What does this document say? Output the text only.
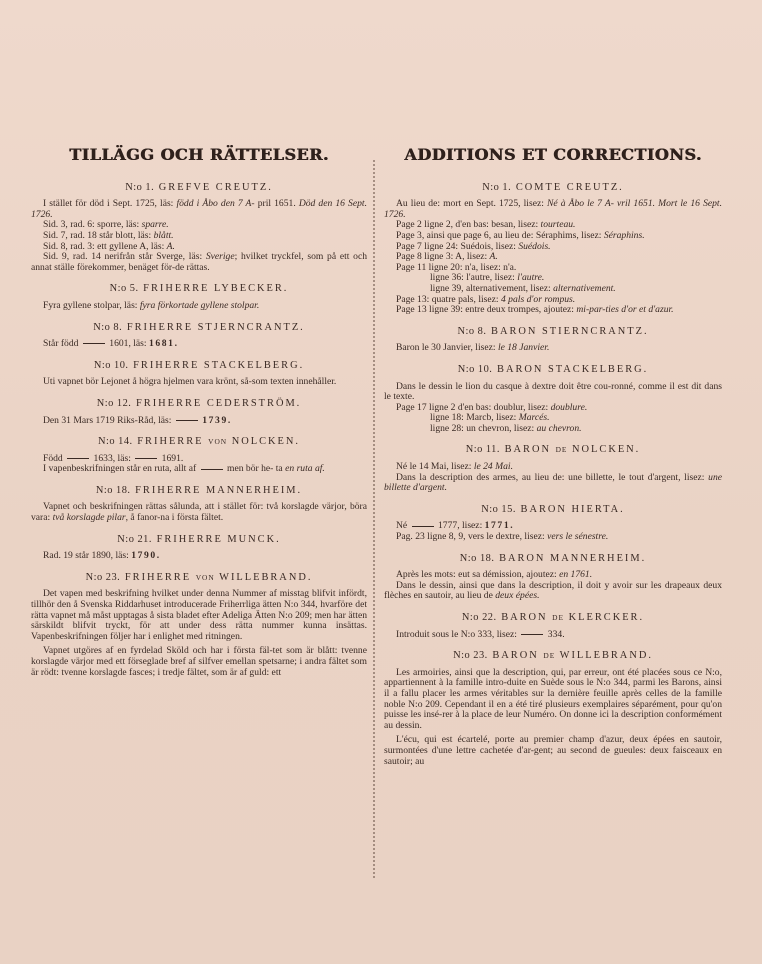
TILLÄGG OCH RÄTTELSER.
N:o 1. GREFVE CREUTZ.

I stället för död i Sept. 1725, läs: född i Åbo den 7 A- pril 1651. Död den 16 Sept. 1726.

Sid. 3, rad. 6: sporre, läs: sparre.

Sid. 7, rad. 18 står blott, läs: blått.

Sid. 8, rad. 3: ett gyllene A, läs: A.

Sid. 9, rad. 14 nerifrån står Sverge, läs: Sverige; hvilket tryckfel, som på ett och annat ställe förekommer, benäget för-de rättas.

N:o 5. FRIHERRE LYBECKER.

Fyra gyllene stolpar, läs: fyra förkortade gyllene stolpar.

N:o 8. FRIHERRE STJERNCRANTZ.

Står född	1601, läs: 1681.

N:o 10. FRIHERRE STACKELBERG.

Uti vapnet bör Lejonet å högra hjelmen vara krönt, så-som texten innehåller.

N:o 12. FRIHERRE CEDERSTRÖM.

Den 31 Mars 1719 Riks-Råd, läs:	1739.

N:o 14. FRIHERRE VON NOLCKEN.

Född	1633, läs:	1691.

I vapenbeskrifningen står en ruta, allt af	men bör he- ta en ruta af.

N:o 18. FRIHERRE MANNERHEIM.

Vapnet och beskrifningen rättas sålunda, att i stället för: två korslagde värjor, böra vara: två korslagde pilar, å fanor-na i första fältet.

N:o 21. FRIHERRE MUNCK.

Rad. 19 står 1890, läs: 1790.

N:o 23. FRIHERRE VON WILLEBRAND.

Det vapen med beskrifning hvilket under denna Nummer af misstag blifvit infördt, tillhör den å Svenska Riddarhuset introducerade Friherrliga ätten N:o 344, hvarföre det rätta vapnet må måst upptagas å sista bladet efter Adeliga Ätten N:o 209; men har ätten särskildt blifvit tryckt, för att under dess rätta nummer kunna insättas. Vapenbeskrifningen följer har i enlighet med ritningen.

Vapnet utgöres af en fyrdelad Sköld och har i första fäl-tet som är blått: tvenne korslagde värjor med ett förseglade bref af silfver emellan spetsarne; i andra fältet som är rödt: tvenne korslagde fasces; i tredje fältet, som är af guld: ett

ADDITIONS ET CORRECTIONS.
N:o 1. COMTE CREUTZ.

Au lieu de: mort en Sept. 1725, lisez: Né à Åbo le 7 A- vril 1651. Mort le 16 Sept. 1726.

Page 2 ligne 2, d'en bas: besan, lisez: tourteau.

Page 3, ainsi que page 6, au lieu de: Séraphims, lisez: Séraphins.

Page 7 ligne 24: Suédois, lisez: Suédois.

Page 8 ligne 3: A, lisez: A.

Page 11 ligne 20: n'a, lisez: n'a.

ligne 36: l'autre, lisez: l'autre.

ligne 39, alternativement, lisez: alternativement.

Page 13: quatre pals, lisez: 4 pals d'or rompus.

Page 13 ligne 39: entre deux trompes, ajoutez: mi-par-ties d'or et d'azur.

N:o 8. BARON STIERNCRANTZ.

Baron le 30 Janvier, lisez: le 18 Janvier.

N:o 10. BARON STACKELBERG.

Dans le dessin le lion du casque à dextre doit être cou-ronné, comme il est dit dans le texte.

Page 17 ligne 2 d'en bas: doublur, lisez: doublure.

ligne 18: Marcb, lisez: Marcés.

ligne 28: un chevron, lisez: au chevron.

N:o 11. BARON DE NOLCKEN.

Né le 14 Mai, lisez: le 24 Mai.

Dans la description des armes, au lieu de: une billette, le tout d'argent, lisez: une billette d'argent.

N:o 15. BARON HIERTA.

Né	1777, lisez: 1771.

Pag. 23 ligne 8, 9, vers le dextre, lisez: vers le sénestre.

N:o 18. BARON MANNERHEIM.

Après les mots: eut sa démission, ajoutez: en 1761.

Dans le dessin, ainsi que dans la description, il doit y avoir sur les drapeaux deux flèches en sautoir, au lieu de deux épées.

N:o 22. BARON DE KLERCKER.

Introduit sous le N:o 333, lisez:	334.

N:o 23. BARON DE WILLEBRAND.

Les armoiries, ainsi que la description, qui, par erreur, ont été placées sous ce N:o, appartiennent à la famille intro-duite en Suède sous le N:o 344, parmi les Barons, ainsi il a fallu placer les armes véritables sur la dernière feuille après celles de la famille noble N:o 209. Cependant il en a été tiré plusieurs exemplaires séparément, pour qu'on puisse les insé-rer à la place de leur Numéro. On donne ici la description conformément au dessin.

L'écu, qui est écartelé, porte au premier champ d'azur, deux épées en sautoir, surmontées d'une lettre cachetée d'ar-gent; au second de gueules: deux faisceaux en sautoir; au
